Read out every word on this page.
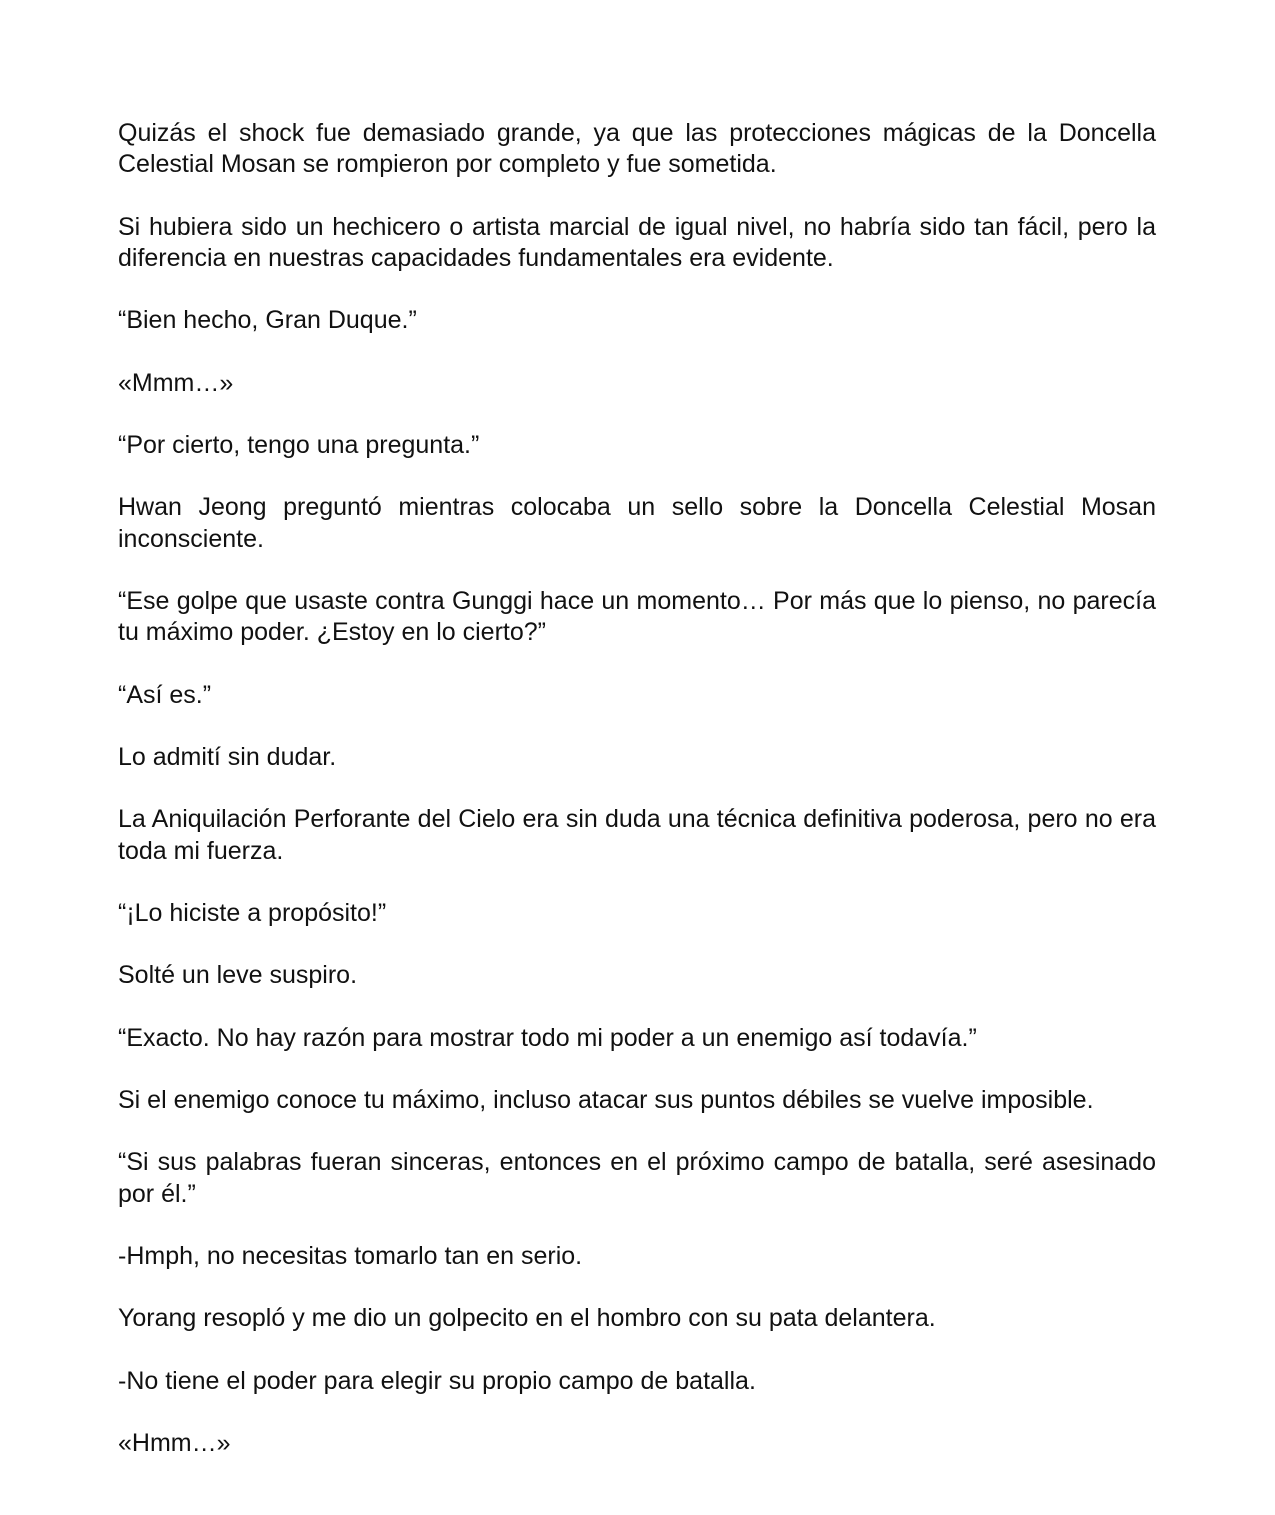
Quizás el shock fue demasiado grande, ya que las protecciones mágicas de la Doncella Celestial Mosan se rompieron por completo y fue sometida.

Si hubiera sido un hechicero o artista marcial de igual nivel, no habría sido tan fácil, pero la diferencia en nuestras capacidades fundamentales era evidente.

“Bien hecho, Gran Duque.”

«Mmm…»

“Por cierto, tengo una pregunta.”

Hwan Jeong preguntó mientras colocaba un sello sobre la Doncella Celestial Mosan inconsciente.

“Ese golpe que usaste contra Gunggi hace un momento… Por más que lo pienso, no parecía tu máximo poder. ¿Estoy en lo cierto?”

“Así es.”

Lo admití sin dudar.

La Aniquilación Perforante del Cielo era sin duda una técnica definitiva poderosa, pero no era toda mi fuerza.

“¡Lo hiciste a propósito!”

Solté un leve suspiro.

“Exacto. No hay razón para mostrar todo mi poder a un enemigo así todavía.”

Si el enemigo conoce tu máximo, incluso atacar sus puntos débiles se vuelve imposible.

“Si sus palabras fueran sinceras, entonces en el próximo campo de batalla, seré asesinado por él.”

-Hmph, no necesitas tomarlo tan en serio.

Yorang resopló y me dio un golpecito en el hombro con su pata delantera.

-No tiene el poder para elegir su propio campo de batalla.

«Hmm…»
